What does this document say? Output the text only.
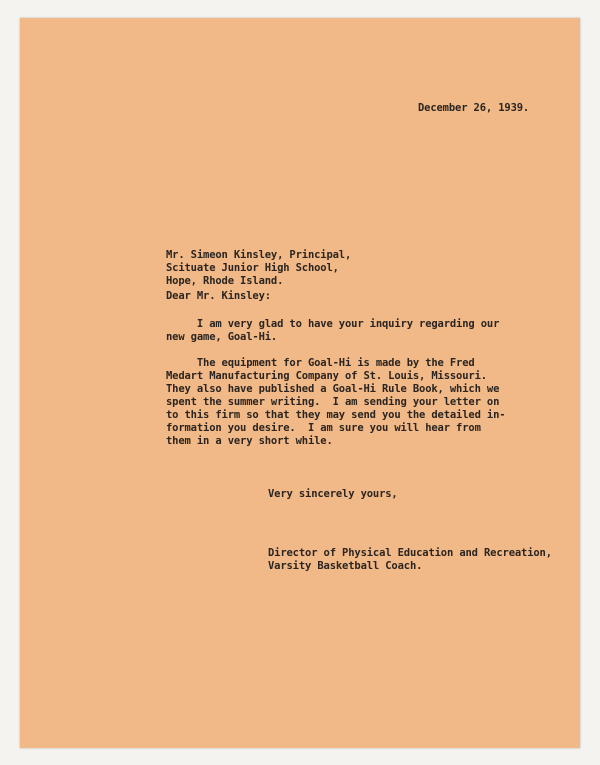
December 26, 1939.
Mr. Simeon Kinsley, Principal,
Scituate Junior High School,
Hope, Rhode Island.
Dear Mr. Kinsley:
I am very glad to have your inquiry regarding our
new game, Goal-Hi.
The equipment for Goal-Hi is made by the Fred
Medart Manufacturing Company of St. Louis, Missouri.
They also have published a Goal-Hi Rule Book, which we
spent the summer writing.  I am sending your letter on
to this firm so that they may send you the detailed in-
formation you desire.  I am sure you will hear from
them in a very short while.
Very sincerely yours,
Director of Physical Education and Recreation,
Varsity Basketball Coach.
